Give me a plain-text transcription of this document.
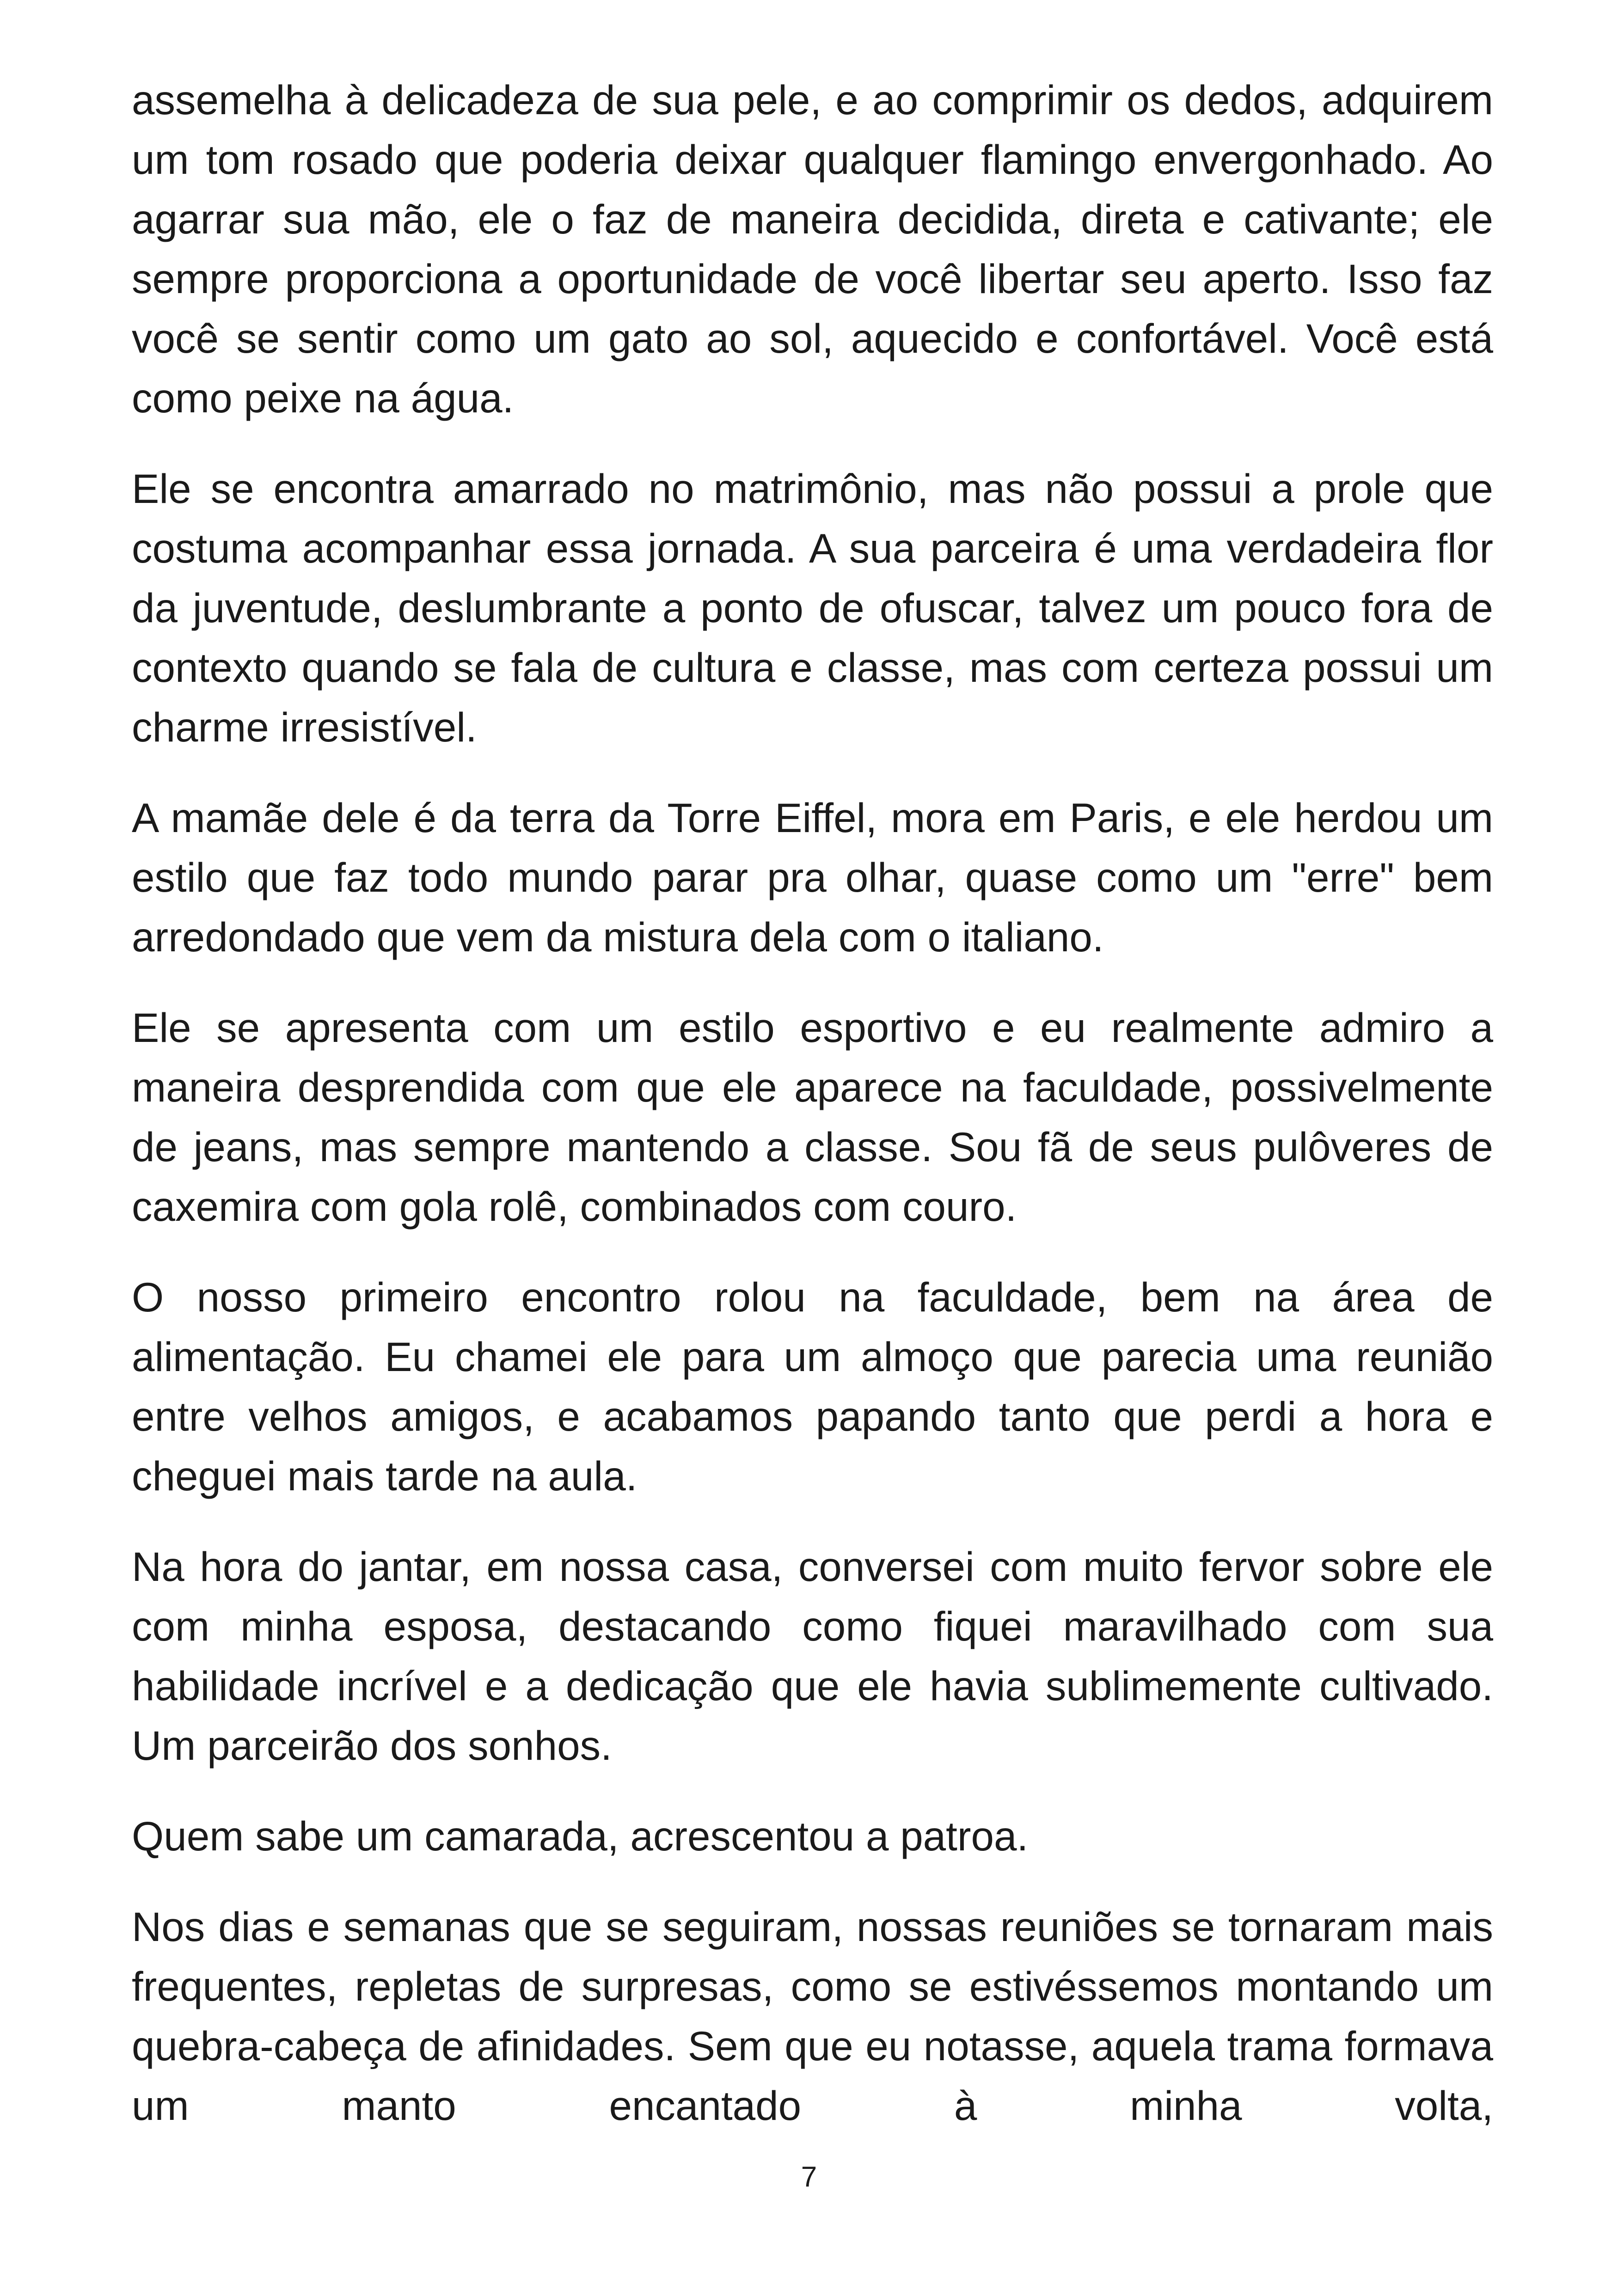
assemelha à delicadeza de sua pele, e ao comprimir os dedos, adquirem um tom rosado que poderia deixar qualquer flamingo envergonhado. Ao agarrar sua mão, ele o faz de maneira decidida, direta e cativante; ele sempre proporciona a oportunidade de você libertar seu aperto. Isso faz você se sentir como um gato ao sol, aquecido e confortável. Você está como peixe na água.

Ele se encontra amarrado no matrimônio, mas não possui a prole que costuma acompanhar essa jornada. A sua parceira é uma verdadeira flor da juventude, deslumbrante a ponto de ofuscar, talvez um pouco fora de contexto quando se fala de cultura e classe, mas com certeza possui um charme irresistível.

A mamãe dele é da terra da Torre Eiffel, mora em Paris, e ele herdou um estilo que faz todo mundo parar pra olhar, quase como um "erre" bem arredondado que vem da mistura dela com o italiano.

Ele se apresenta com um estilo esportivo e eu realmente admiro a maneira desprendida com que ele aparece na faculdade, possivelmente de jeans, mas sempre mantendo a classe. Sou fã de seus pulôveres de caxemira com gola rolê, combinados com couro.

O nosso primeiro encontro rolou na faculdade, bem na área de alimentação. Eu chamei ele para um almoço que parecia uma reunião entre velhos amigos, e acabamos papando tanto que perdi a hora e cheguei mais tarde na aula.

Na hora do jantar, em nossa casa, conversei com muito fervor sobre ele com minha esposa, destacando como fiquei maravilhado com sua habilidade incrível e a dedicação que ele havia sublimemente cultivado. Um parceirão dos sonhos.

Quem sabe um camarada, acrescentou a patroa.

Nos dias e semanas que se seguiram, nossas reuniões se tornaram mais frequentes, repletas de surpresas, como se estivéssemos montando um quebra-cabeça de afinidades. Sem que eu notasse, aquela trama formava um manto encantado à minha volta,

7
